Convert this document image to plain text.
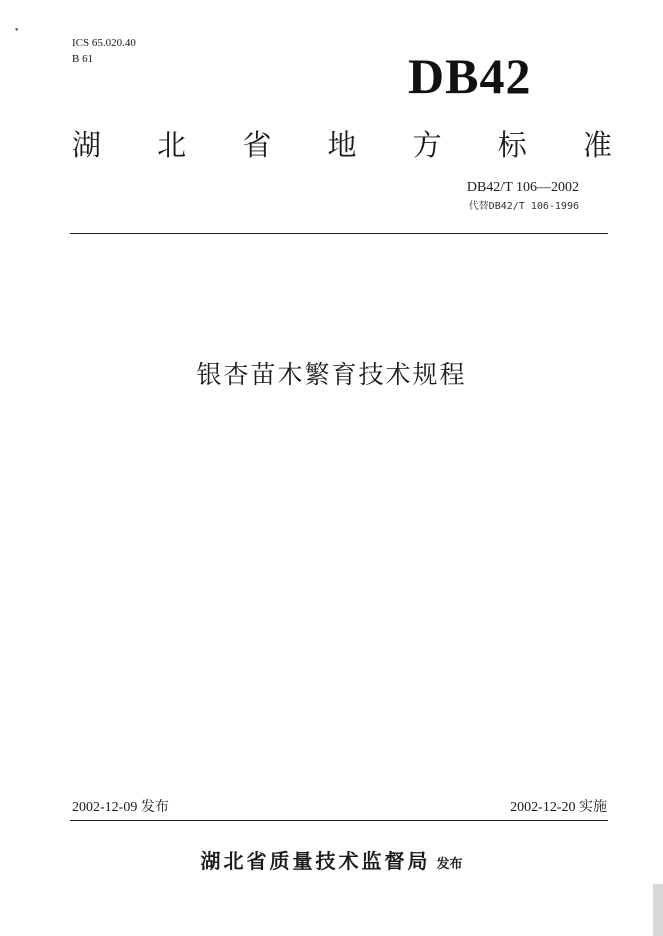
•
ICS 65.020.40
B 61	DB42
湖 北 省 地 方 标 准
DB42/T 106—2002
代替DB42/T 106-1996
银杏苗木繁育技术规程
2002-12-09 发布	2002-12-20 实施
湖北省质量技术监督局 发布
